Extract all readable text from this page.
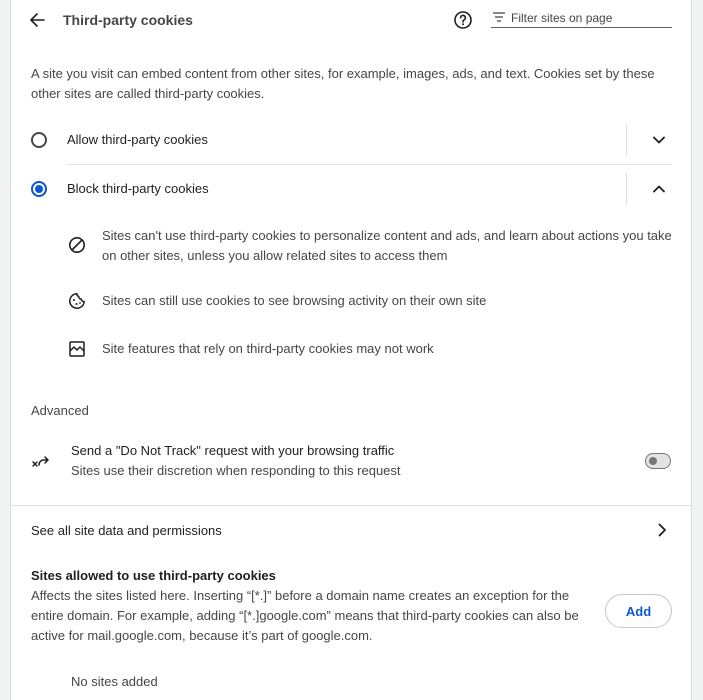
Third-party cookies
Filter sites on page
A site you visit can embed content from other sites, for example, images, ads, and text. Cookies set by these other sites are called third-party cookies.
Allow third-party cookies
Block third-party cookies
Sites can't use third-party cookies to personalize content and ads, and learn about actions you take on other sites, unless you allow related sites to access them
Sites can still use cookies to see browsing activity on their own site
Site features that rely on third-party cookies may not work
Advanced
Send a "Do Not Track" request with your browsing traffic
Sites use their discretion when responding to this request
See all site data and permissions
Sites allowed to use third-party cookies
Affects the sites listed here. Inserting “[*.]” before a domain name creates an exception for the entire domain. For example, adding “[*.]google.com” means that third-party cookies can also be active for mail.google.com, because it’s part of google.com.
Add
No sites added
